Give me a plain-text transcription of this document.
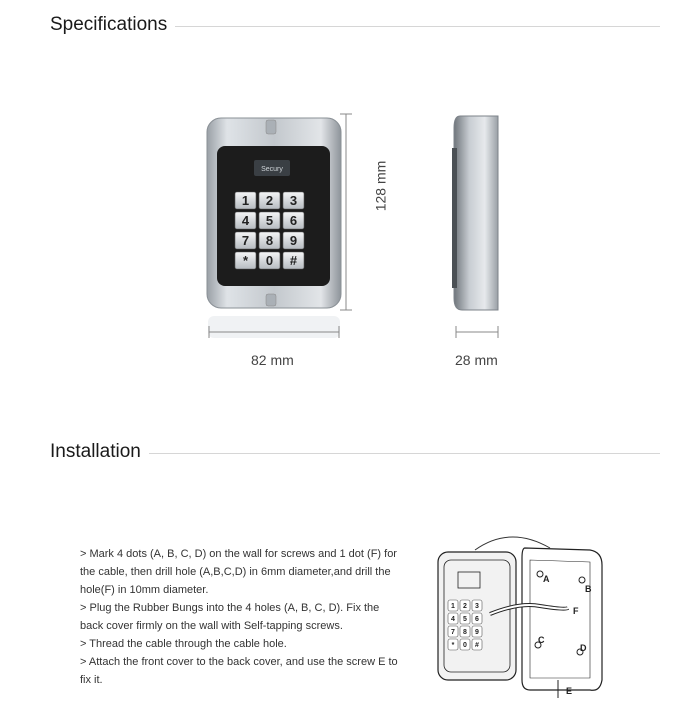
Specifications
Secury
1 2 3
4 5 6
7 8 9
* 0 #
128 mm
82 mm	28 mm
Installation

> Mark 4 dots (A, B, C, D) on the wall for screws and 1 dot (F) for the cable, then drill hole (A,B,C,D) in 6mm diameter,and drill the hole(F) in 10mm diameter.

> Plug the Rubber Bungs into the 4 holes (A, B, C, D). Fix the back cover firmly on the wall with Self-tapping screws.

> Thread the cable through the cable hole.

> Attach the front cover to the back cover, and use the screw E to fix it.

1 2 3
4 5 6
7 8 9
* 0 #
A
B
C
D
E
F
